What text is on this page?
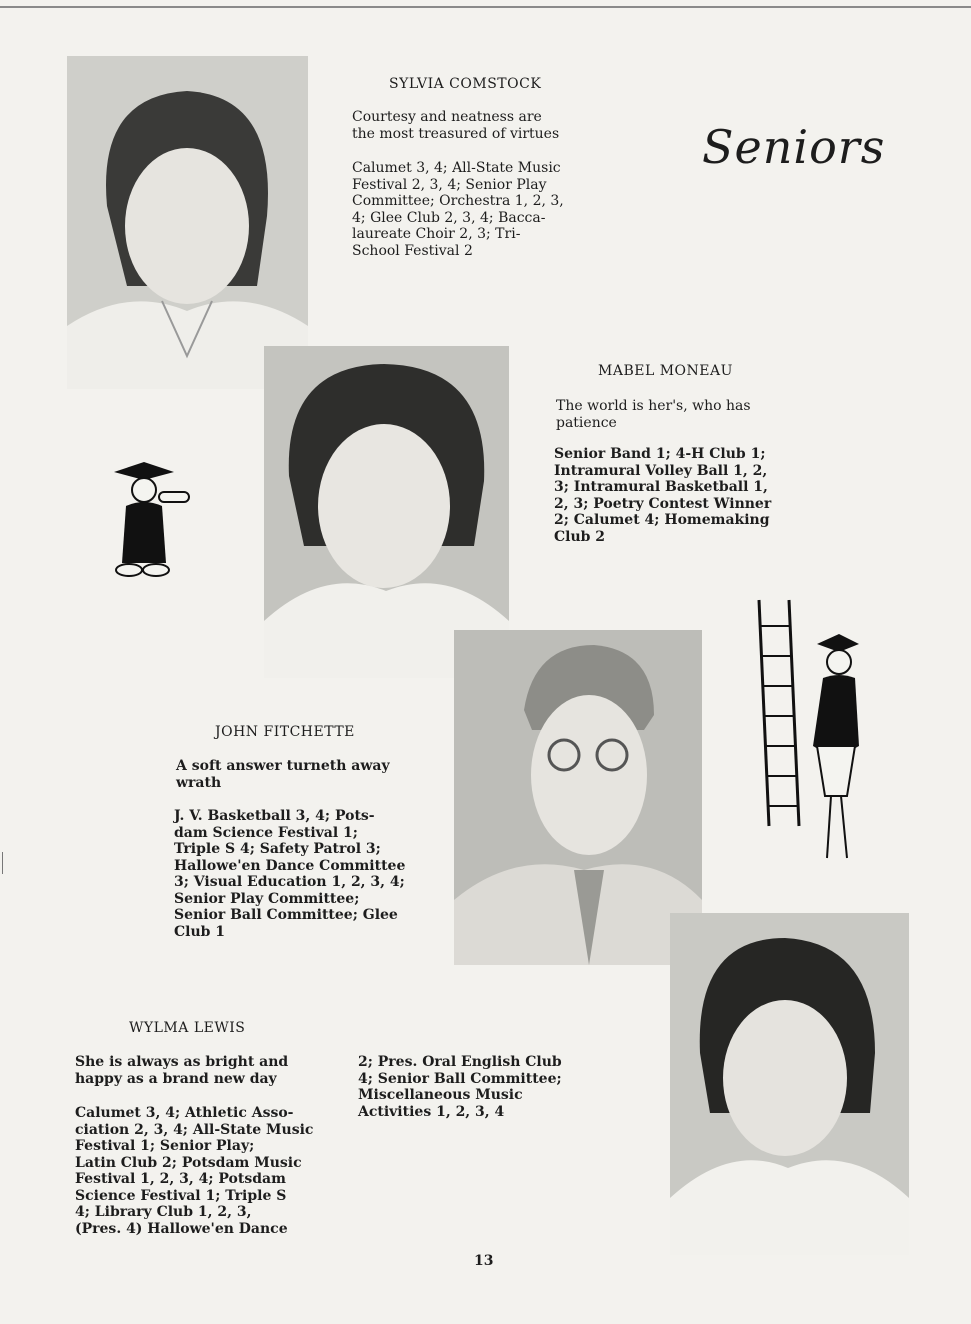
Seniors
SYLVIA COMSTOCK
Courtesy and neatness are
the most treasured of virtues
Calumet 3, 4; All-State Music
Festival 2, 3, 4; Senior Play
Committee; Orchestra 1, 2, 3,
4; Glee Club 2, 3, 4; Bacca-
laureate Choir 2, 3; Tri-
School Festival 2
MABEL MONEAU
The world is her's, who has
patience
Senior Band 1; 4-H Club 1;
Intramural Volley Ball 1, 2,
3; Intramural Basketball 1,
2, 3; Poetry Contest Winner
2; Calumet 4; Homemaking
Club 2
JOHN FITCHETTE
A soft answer turneth away
wrath
J. V. Basketball 3, 4; Pots-
dam Science Festival 1;
Triple S 4; Safety Patrol 3;
Hallowe'en Dance Committee
3; Visual Education 1, 2, 3, 4;
Senior Play Committee;
Senior Ball Committee; Glee
Club 1
WYLMA LEWIS
She is always as bright and
happy as a brand new day
Calumet 3, 4; Athletic Asso-
ciation 2, 3, 4; All-State Music
Festival 1; Senior Play;
Latin Club 2; Potsdam Music
Festival 1, 2, 3, 4; Potsdam
Science Festival 1; Triple S
4; Library Club 1, 2, 3,
(Pres. 4) Hallowe'en Dance
2; Pres. Oral English Club
4; Senior Ball Committee;
Miscellaneous Music
Activities 1, 2, 3, 4
13
